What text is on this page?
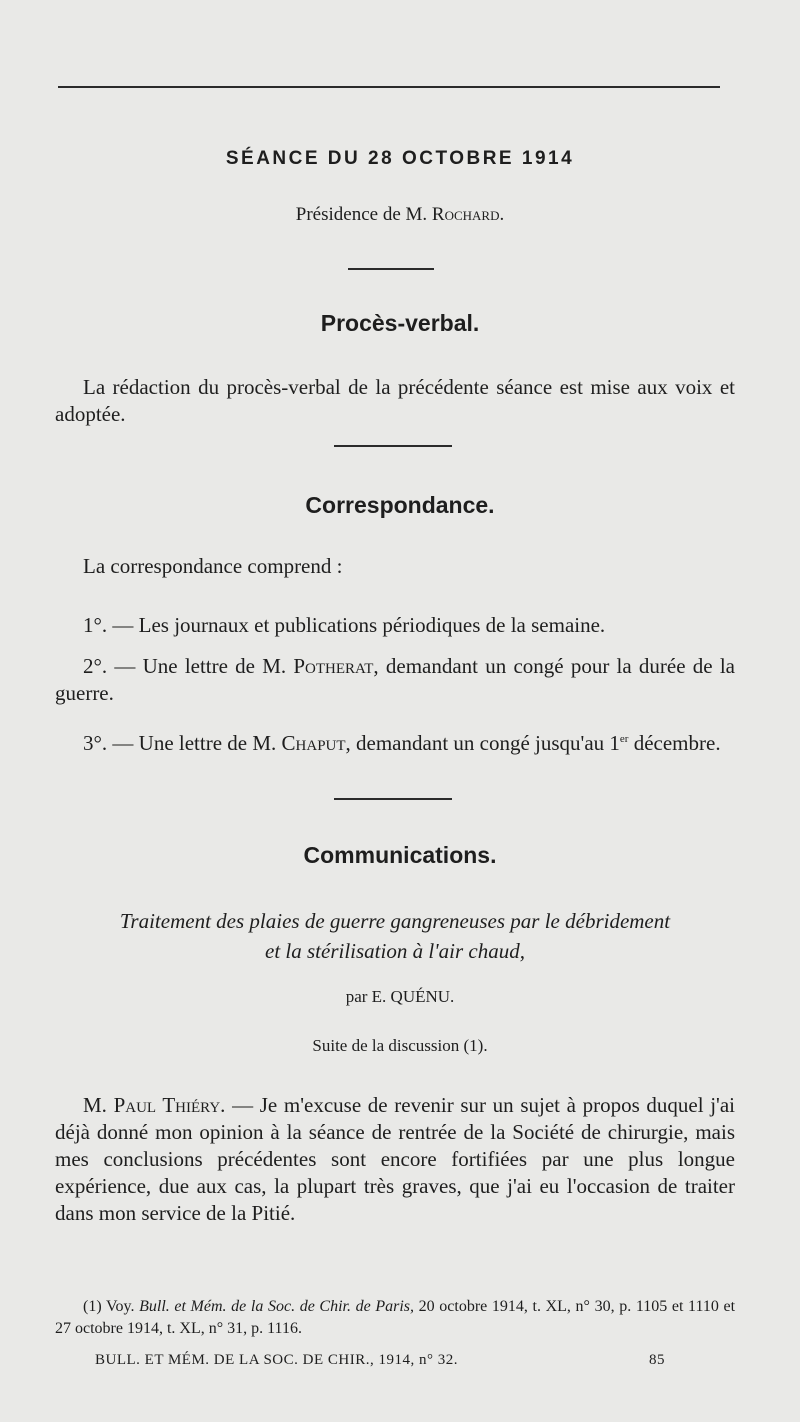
SÉANCE DU 28 OCTOBRE 1914
Présidence de M. Rochard.
Procès-verbal.
La rédaction du procès-verbal de la précédente séance est mise aux voix et adoptée.
Correspondance.
La correspondance comprend :
1°. — Les journaux et publications périodiques de la semaine.
2°. — Une lettre de M. Potherat, demandant un congé pour la durée de la guerre.
3°. — Une lettre de M. Chaput, demandant un congé jusqu'au 1er décembre.
Communications.
Traitement des plaies de guerre gangreneuses par le débridement
et la stérilisation à l'air chaud,
par E. QUÉNU.
Suite de la discussion (1).
M. Paul Thiéry. — Je m'excuse de revenir sur un sujet à propos duquel j'ai déjà donné mon opinion à la séance de rentrée de la Société de chirurgie, mais mes conclusions précédentes sont encore fortifiées par une plus longue expérience, due aux cas, la plupart très graves, que j'ai eu l'occasion de traiter dans mon service de la Pitié.
(1) Voy. Bull. et Mém. de la Soc. de Chir. de Paris, 20 octobre 1914, t. XL, n° 30, p. 1105 et 1110 et 27 octobre 1914, t. XL, n° 31, p. 1116.
BULL. ET MÉM. DE LA SOC. DE CHIR., 1914, n° 32.	85
